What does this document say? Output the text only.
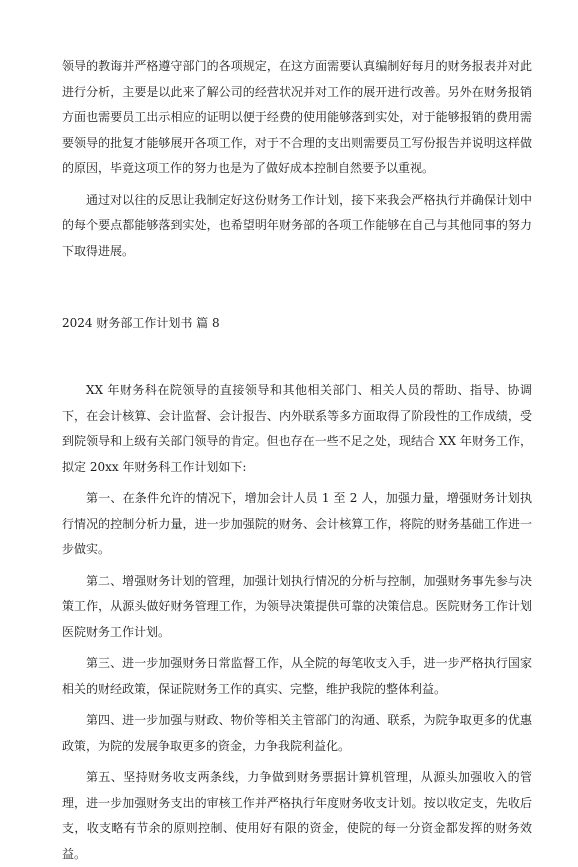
领导的教诲并严格遵守部门的各项规定，在这方面需要认真编制好每月的财务报表并对此进行分析，主要是以此来了解公司的经营状况并对工作的展开进行改善。另外在财务报销方面也需要员工出示相应的证明以便于经费的使用能够落到实处，对于能够报销的费用需要领导的批复才能够展开各项工作，对于不合理的支出则需要员工写份报告并说明这样做的原因，毕竟这项工作的努力也是为了做好成本控制自然要予以重视。

通过对以往的反思让我制定好这份财务工作计划，接下来我会严格执行并确保计划中的每个要点都能够落到实处，也希望明年财务部的各项工作能够在自己与其他同事的努力下取得进展。

2024 财务部工作计划书 篇 8

XX 年财务科在院领导的直接领导和其他相关部门、相关人员的帮助、指导、协调下，在会计核算、会计监督、会计报告、内外联系等多方面取得了阶段性的工作成绩，受到院领导和上级有关部门领导的肯定。但也存在一些不足之处，现结合 XX 年财务工作，拟定 20xx 年财务科工作计划如下:

第一、在条件允许的情况下，增加会计人员 1 至 2 人，加强力量，增强财务计划执行情况的控制分析力量，进一步加强院的财务、会计核算工作，将院的财务基础工作进一步做实。

第二、增强财务计划的管理，加强计划执行情况的分析与控制，加强财务事先参与决策工作，从源头做好财务管理工作，为领导决策提供可靠的决策信息。医院财务工作计划医院财务工作计划。

第三、进一步加强财务日常监督工作，从全院的每笔收支入手，进一步严格执行国家相关的财经政策，保证院财务工作的真实、完整，维护我院的整体利益。

第四、进一步加强与财政、物价等相关主管部门的沟通、联系，为院争取更多的优惠政策，为院的发展争取更多的资金，力争我院利益化。

第五、坚持财务收支两条线，力争做到财务票据计算机管理，从源头加强收入的管理，进一步加强财务支出的审核工作并严格执行年度财务收支计划。按以收定支，先收后支，收支略有节余的原则控制、使用好有限的资金，使院的每一分资金都发挥的财务效益。
